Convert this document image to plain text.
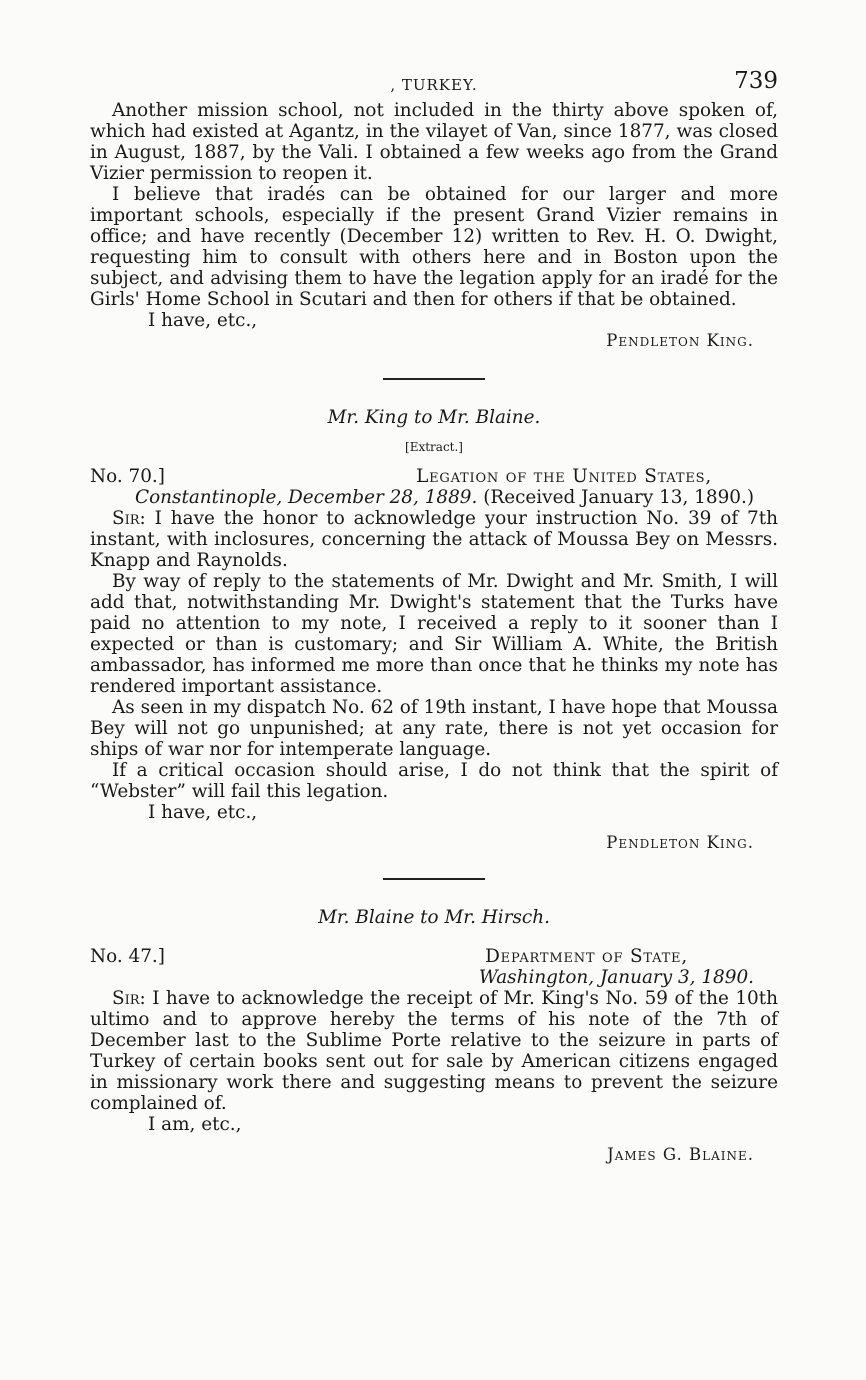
, TURKEY.	739

Another mission school, not included in the thirty above spoken of, which had existed at Agantz, in the vilayet of Van, since 1877, was closed in August, 1887, by the Vali. I obtained a few weeks ago from the Grand Vizier permission to reopen it.

I believe that iradés can be obtained for our larger and more important schools, especially if the present Grand Vizier remains in office; and have recently (December 12) written to Rev. H. O. Dwight, requesting him to consult with others here and in Boston upon the subject, and advising them to have the legation apply for an iradé for the Girls' Home School in Scutari and then for others if that be obtained.

I have, etc.,

Pendleton King.
Mr. King to Mr. Blaine.
[Extract.]
No. 70.]	Legation of the United States,
Constantinople, December 28, 1889. (Received January 13, 1890.)

Sir: I have the honor to acknowledge your instruction No. 39 of 7th instant, with inclosures, concerning the attack of Moussa Bey on Messrs. Knapp and Raynolds.

By way of reply to the statements of Mr. Dwight and Mr. Smith, I will add that, notwithstanding Mr. Dwight's statement that the Turks have paid no attention to my note, I received a reply to it sooner than I expected or than is customary; and Sir William A. White, the British ambassador, has informed me more than once that he thinks my note has rendered important assistance.

As seen in my dispatch No. 62 of 19th instant, I have hope that Moussa Bey will not go unpunished; at any rate, there is not yet occasion for ships of war nor for intemperate language.

If a critical occasion should arise, I do not think that the spirit of “Webster” will fail this legation.

I have, etc.,

Pendleton King.
Mr. Blaine to Mr. Hirsch.
No. 47.]	Department of State,
Washington, January 3, 1890.

Sir: I have to acknowledge the receipt of Mr. King's No. 59 of the 10th ultimo and to approve hereby the terms of his note of the 7th of December last to the Sublime Porte relative to the seizure in parts of Turkey of certain books sent out for sale by American citizens engaged in missionary work there and suggesting means to prevent the seizure complained of.

I am, etc.,

James G. Blaine.
